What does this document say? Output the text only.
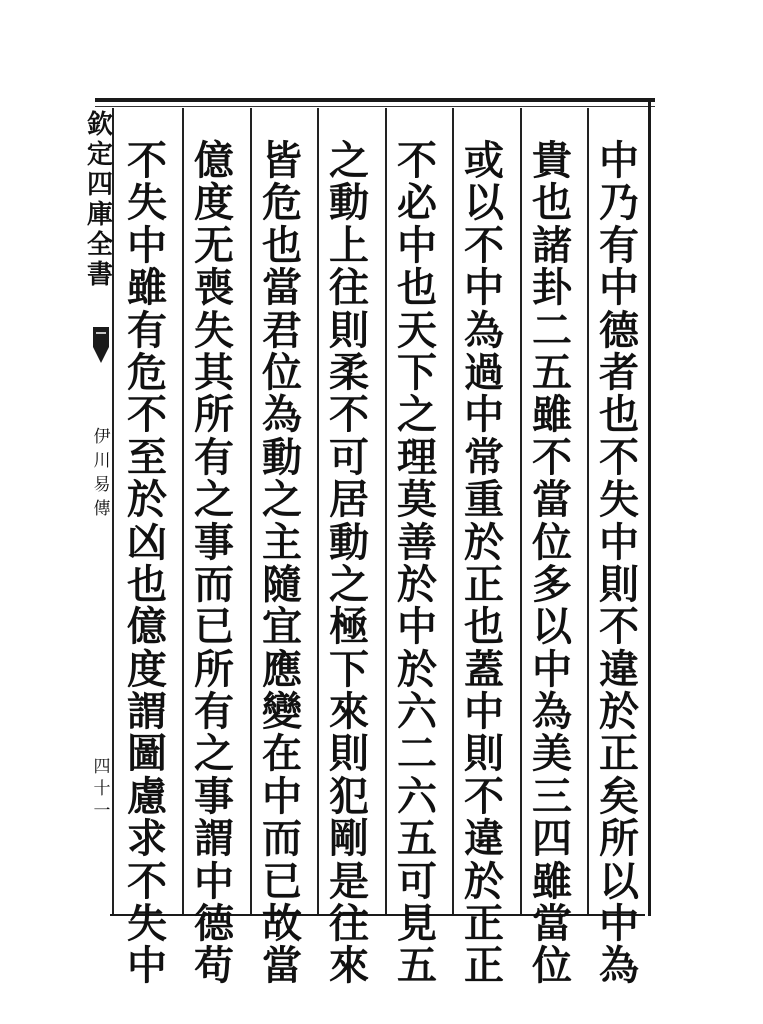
欽
定
四
庫
全
書
伊
川
易
傳
四
十
一
中
乃
有
中
德
者
也
不
失
中
則
不
違
於
正
矣
所
以
中
為
貴
也
諸
卦
二
五
雖
不
當
位
多
以
中
為
美
三
四
雖
當
位
或
以
不
中
為
過
中
常
重
於
正
也
蓋
中
則
不
違
於
正
正
不
必
中
也
天
下
之
理
莫
善
於
中
於
六
二
六
五
可
見
五
之
動
上
往
則
柔
不
可
居
動
之
極
下
來
則
犯
剛
是
往
來
皆
危
也
當
君
位
為
動
之
主
隨
宜
應
變
在
中
而
已
故
當
億
度
无
喪
失
其
所
有
之
事
而
已
所
有
之
事
謂
中
德
苟
不
失
中
雖
有
危
不
至
於
凶
也
億
度
謂
圖
慮
求
不
失
中
